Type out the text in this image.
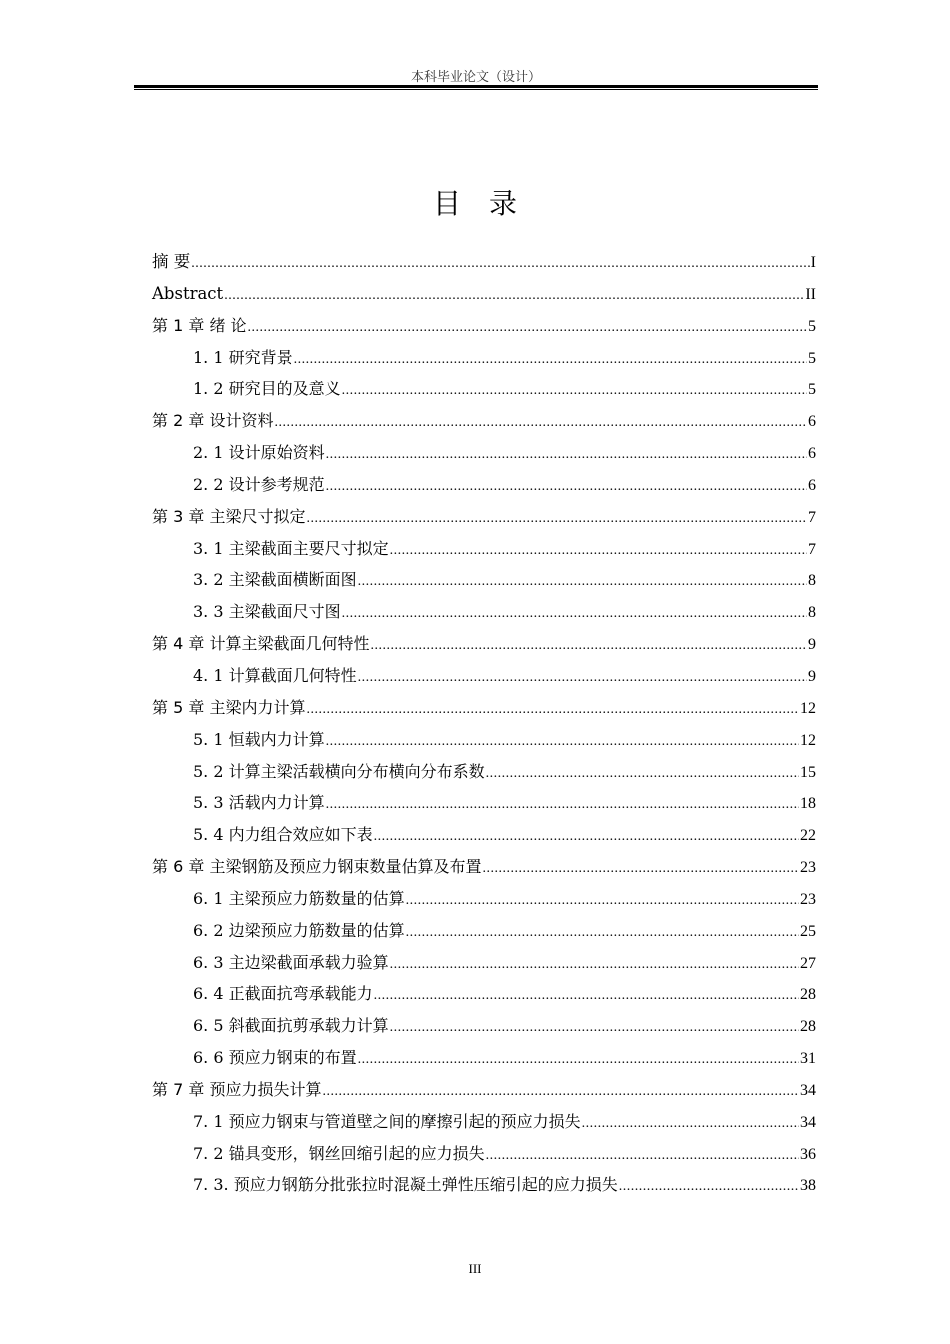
本科毕业论文（设计）
目录
摘 要 .....	I
Abstract .....	II
第 1 章 绪 论 .....	5
1. 1 研究背景 .....	5
1. 2 研究目的及意义 .....	5
第 2 章 设计资料 .....	6
2. 1 设计原始资料 .....	6
2. 2 设计参考规范 .....	6
第 3 章 主梁尺寸拟定 .....	7
3. 1 主梁截面主要尺寸拟定 .....	7
3. 2 主梁截面横断面图 .....	8
3. 3 主梁截面尺寸图 .....	8
第 4 章 计算主梁截面几何特性 .....	9
4. 1 计算截面几何特性 .....	9
第 5 章 主梁内力计算 .....	12
5. 1 恒载内力计算 .....	12
5. 2 计算主梁活载横向分布横向分布系数 .....	15
5. 3 活载内力计算 .....	18
5. 4 内力组合效应如下表 .....	22
第 6 章 主梁钢筋及预应力钢束数量估算及布置 .....	23
6. 1 主梁预应力筋数量的估算 .....	23
6. 2 边梁预应力筋数量的估算 .....	25
6. 3 主边梁截面承载力验算 .....	27
6. 4 正截面抗弯承载能力 .....	28
6. 5 斜截面抗剪承载力计算 .....	28
6. 6 预应力钢束的布置 .....	31
第 7 章 预应力损失计算 .....	34
7. 1 预应力钢束与管道壁之间的摩擦引起的预应力损失 .....	34
7. 2 锚具变形，钢丝回缩引起的应力损失 .....	36
7. 3. 预应力钢筋分批张拉时混凝土弹性压缩引起的应力损失 .....	38
III
